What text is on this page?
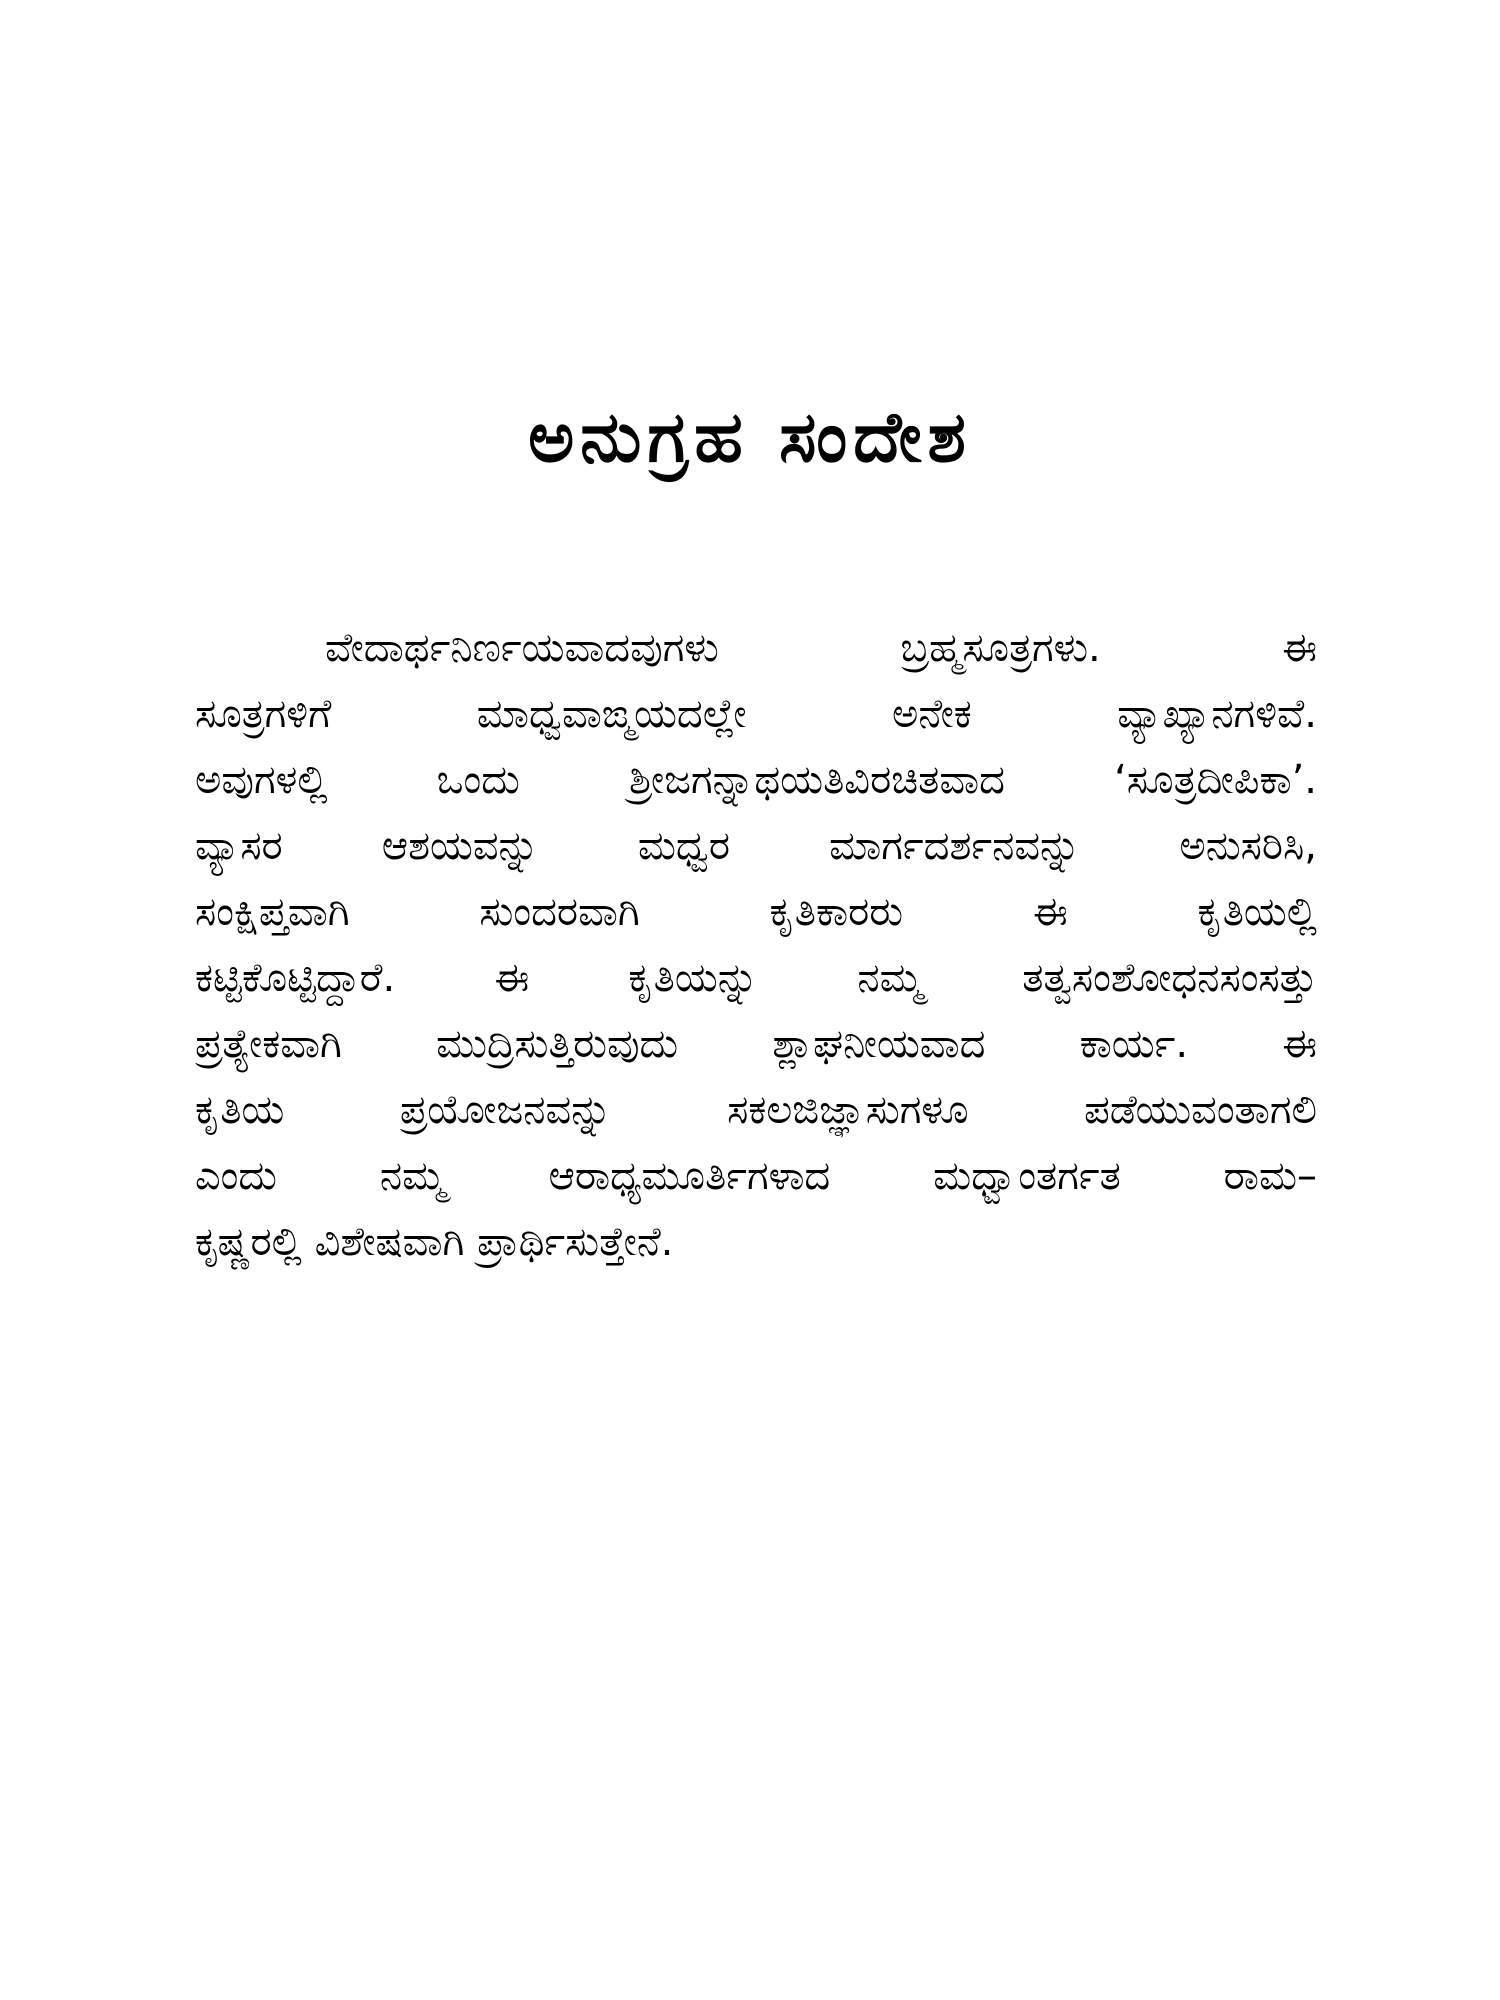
ಅನುಗ್ರಹ ಸಂದೇಶ
ವೇದಾರ್ಥನಿರ್ಣಯವಾದವುಗಳು ಬ್ರಹ್ಮಸೂತ್ರಗಳು. ಈ
ಸೂತ್ರಗಳಿಗೆ ಮಾಧ್ವವಾಙ್ಮಯದಲ್ಲೇ ಅನೇಕ ವ್ಯಾಖ್ಯಾನಗಳಿವೆ.
ಅವುಗಳಲ್ಲಿ ಒಂದು ಶ್ರೀಜಗನ್ನಾಥಯತಿವಿರಚಿತವಾದ ‘ಸೂತ್ರದೀಪಿಕಾ’.
ವ್ಯಾಸರ ಆಶಯವನ್ನು ಮಧ್ವರ ಮಾರ್ಗದರ್ಶನವನ್ನು ಅನುಸರಿಸಿ,
ಸಂಕ್ಷಿಪ್ತವಾಗಿ ಸುಂದರವಾಗಿ ಕೃತಿಕಾರರು ಈ ಕೃತಿಯಲ್ಲಿ
ಕಟ್ಟಿಕೊಟ್ಟಿದ್ದಾರೆ. ಈ ಕೃತಿಯನ್ನು ನಮ್ಮ ತತ್ವಸಂಶೋಧನಸಂಸತ್ತು
ಪ್ರತ್ಯೇಕವಾಗಿ ಮುದ್ರಿಸುತ್ತಿರುವುದು ಶ್ಲಾಘನೀಯವಾದ ಕಾರ್ಯ. ಈ
ಕೃತಿಯ ಪ್ರಯೋಜನವನ್ನು ಸಕಲಜಿಜ್ಞಾಸುಗಳೂ ಪಡೆಯುವಂತಾಗಲಿ
ಎಂದು ನಮ್ಮ ಆರಾಧ್ಯಮೂರ್ತಿಗಳಾದ ಮಧ್ವಾಂತರ್ಗತ ರಾಮ–
ಕೃಷ್ಣರಲ್ಲಿ ವಿಶೇಷವಾಗಿ ಪ್ರಾರ್ಥಿಸುತ್ತೇನೆ.
